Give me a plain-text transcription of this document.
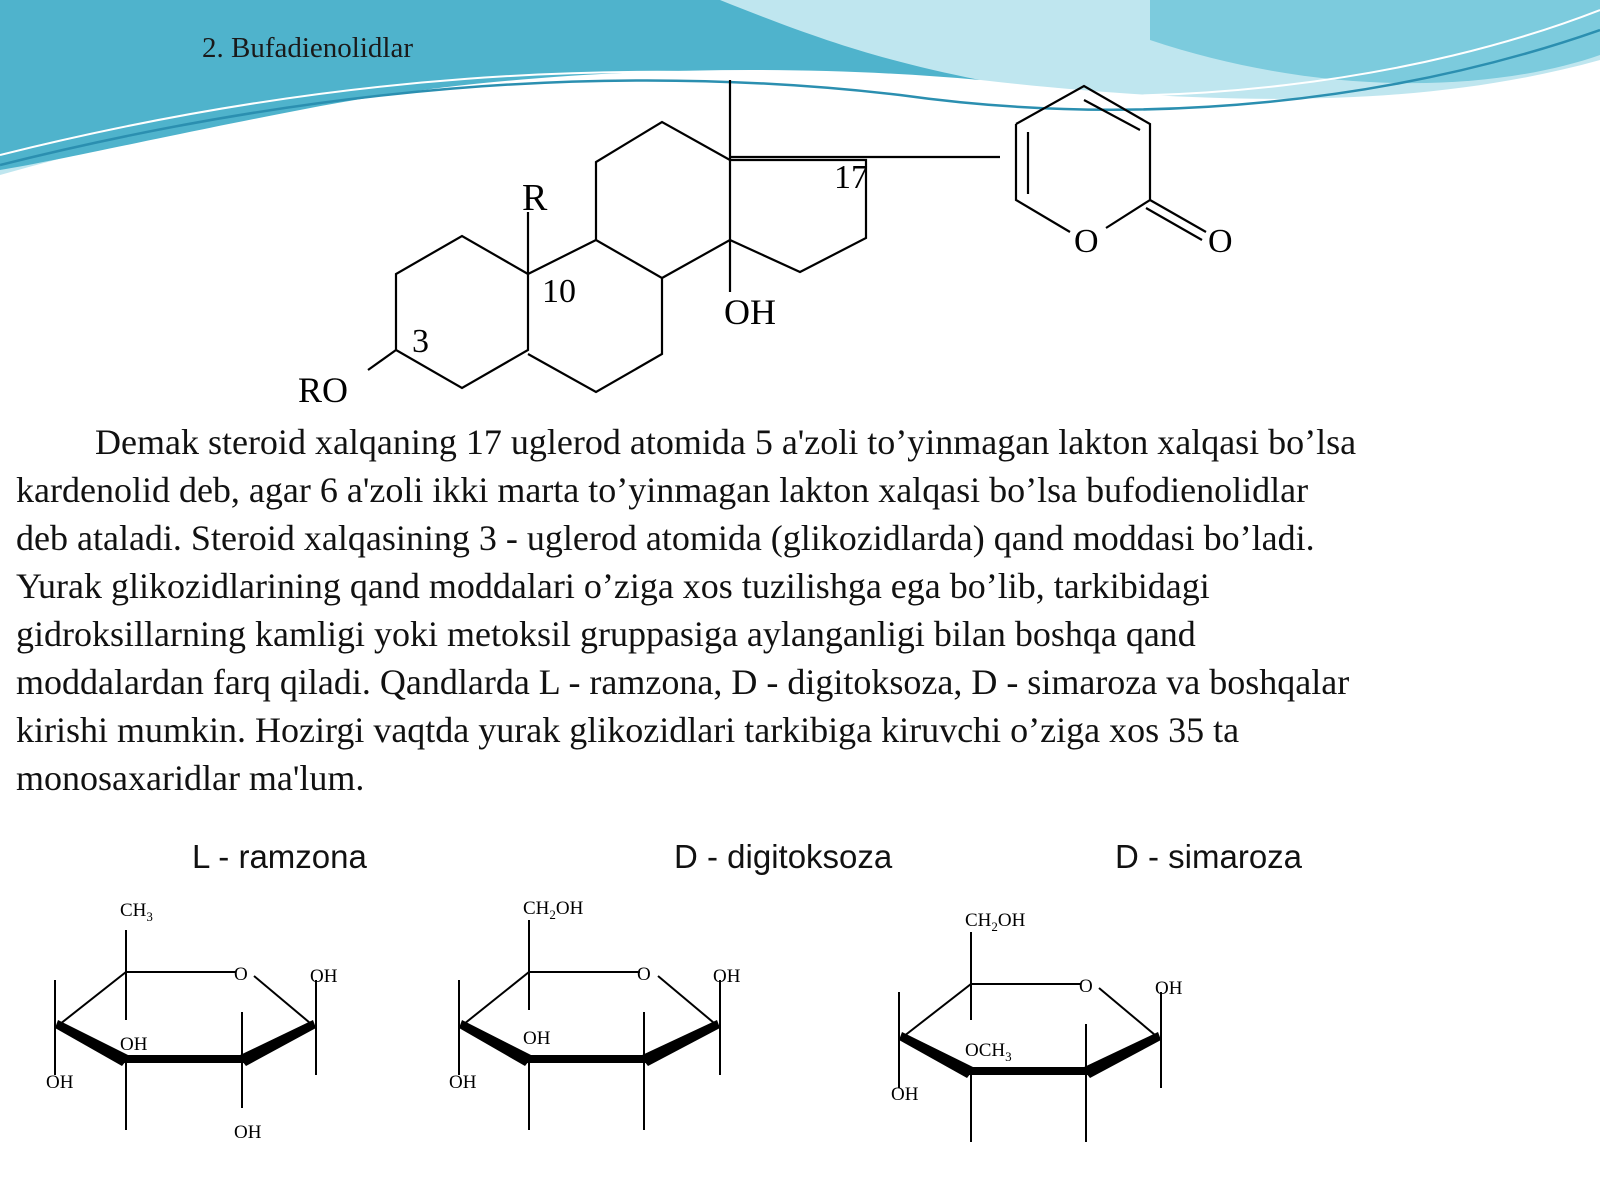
2. Bufadienolidlar
R
10
3
RO
OH
17
O	O
Demak steroid xalqaning 17 uglerod atomida 5 a'zoli to’yinmagan lakton xalqasi bo’lsa
kardenolid deb, agar 6 a'zoli ikki marta to’yinmagan lakton xalqasi bo’lsa bufodienolidlar
deb ataladi. Steroid xalqasining 3 - uglerod atomida (glikozidlarda) qand moddasi bo’ladi.
Yurak glikozidlarining qand moddalari o’ziga xos tuzilishga ega bo’lib, tarkibidagi
gidroksillarning kamligi yoki metoksil gruppasiga aylanganligi bilan boshqa qand
moddalardan farq qiladi. Qandlarda L - ramzona, D - digitoksoza, D - simaroza va boshqalar
kirishi mumkin. Hozirgi vaqtda yurak glikozidlari tarkibiga kiruvchi o’ziga xos 35 ta
monosaxaridlar ma'lum.
L - ramzona	D - digitoksoza	D - simaroza
$CH_3$
O	OH
OH
OH
OH
$CH_2OH$
O	OH
OH
OH
$CH_2OH$
O	OH
$OCH_3$
OH
